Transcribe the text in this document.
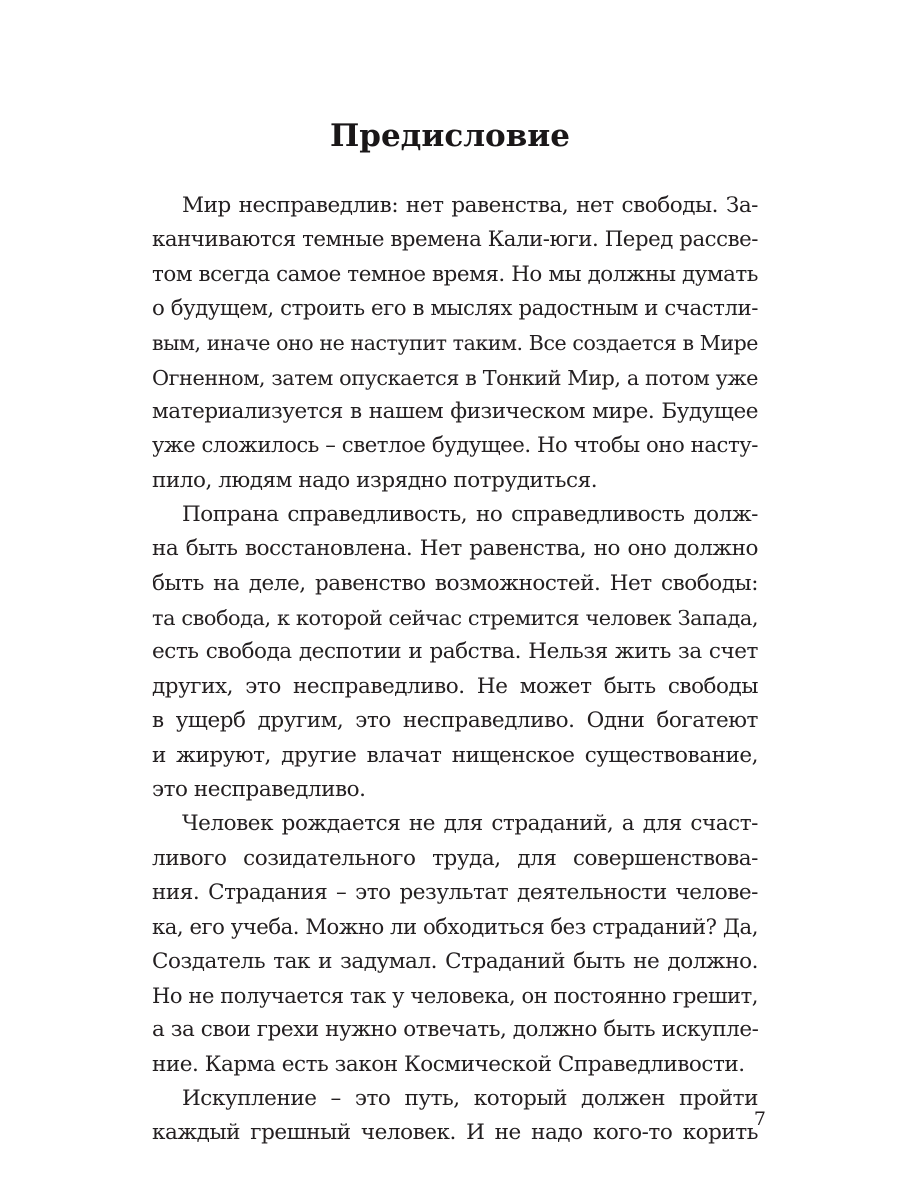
Предисловие
Мир несправедлив: нет равенства, нет свободы. За-
канчиваются темные времена Кали-юги. Перед рассве-
том всегда самое темное время. Но мы должны думать
о будущем, строить его в мыслях радостным и счастли-
вым, иначе оно не наступит таким. Все создается в Мире
Огненном, затем опускается в Тонкий Мир, а потом уже
материализуется в нашем физическом мире. Будущее
уже сложилось – светлое будущее. Но чтобы оно насту-
пило, людям надо изрядно потрудиться.
Попрана справедливость, но справедливость долж-
на быть восстановлена. Нет равенства, но оно должно
быть на деле, равенство возможностей. Нет свободы:
та свобода, к которой сейчас стремится человек Запада,
есть свобода деспотии и рабства. Нельзя жить за счет
других, это несправедливо. Не может быть свободы
в ущерб другим, это несправедливо. Одни богатеют
и жируют, другие влачат нищенское существование,
это несправедливо.
Человек рождается не для страданий, а для счаст-
ливого созидательного труда, для совершенствова-
ния. Страдания – это результат деятельности челове-
ка, его учеба. Можно ли обходиться без страданий? Да,
Создатель так и задумал. Страданий быть не должно.
Но не получается так у человека, он постоянно грешит,
а за свои грехи нужно отвечать, должно быть искупле-
ние. Карма есть закон Космической Справедливости.
Искупление – это путь, который должен пройти
каждый грешный человек. И не надо кого-то корить
7
